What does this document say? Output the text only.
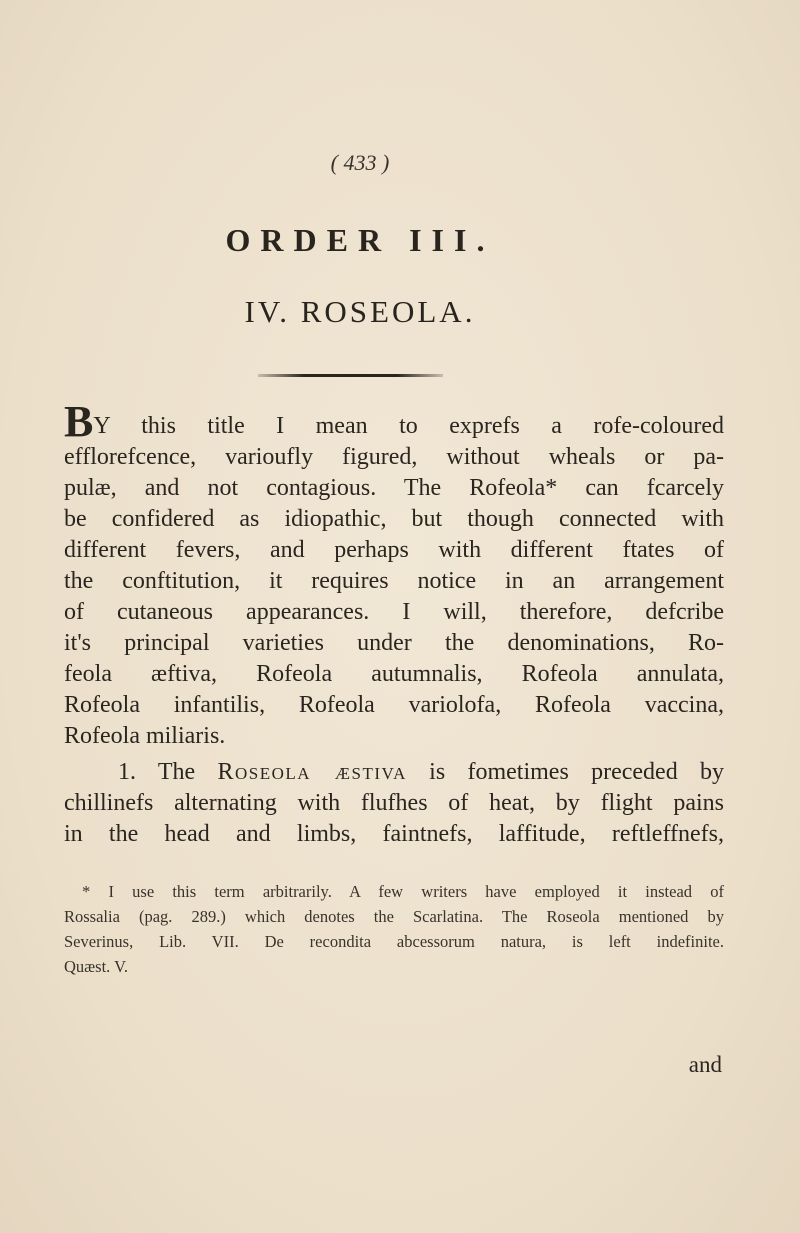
( 433 )
ORDER III.
IV. ROSEOLA.

BY this title I mean to exprefs a rofe-coloured
efflorefcence, varioufly figured, without wheals or pa-
pulæ, and not contagious. The Rofeola* can fcarcely
be confidered as idiopathic, but though connected with
different fevers, and perhaps with different ftates of
the conftitution, it requires notice in an arrangement
of cutaneous appearances. I will, therefore, defcribe
it's principal varieties under the denominations, Ro-
feola æftiva, Rofeola autumnalis, Rofeola annulata,
Rofeola infantilis, Rofeola variolofa, Rofeola vaccina,
Rofeola miliaris.

1. The Roseola æstiva is fometimes preceded by
chillinefs alternating with flufhes of heat, by flight pains
in the head and limbs, faintnefs, laffitude, reftleffnefs,

* I use this term arbitrarily. A few writers have employed it instead of
Rossalia (pag. 289.) which denotes the Scarlatina. The Roseola mentioned by
Severinus, Lib. VII. De recondita abcessorum natura, is left indefinite.
Quæst. V.

and
